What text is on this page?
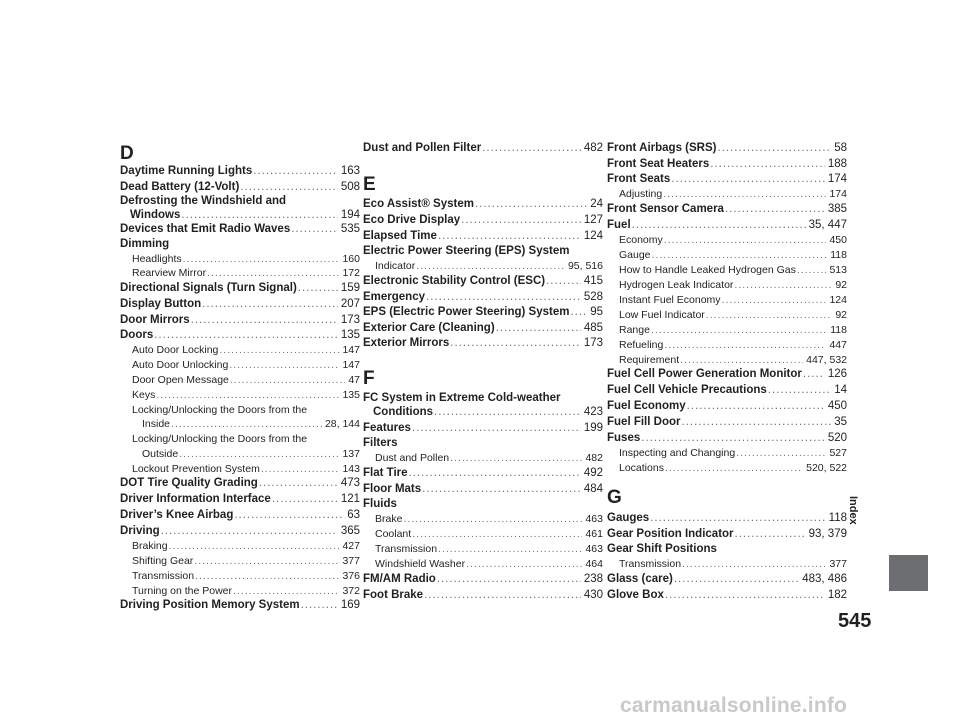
D
Daytime Running Lights .....	163
Dead Battery (12-Volt) .....	508
Defrosting the Windshield and
Windows .....	194
Devices that Emit Radio Waves .....	535
Dimming
Headlights .....	160
Rearview Mirror .....	172
Directional Signals (Turn Signal) .....	159
Display Button .....	207
Door Mirrors .....	173
Doors .....	135
Auto Door Locking .....	147
Auto Door Unlocking .....	147
Door Open Message .....	47
Keys .....	135
Locking/Unlocking the Doors from the
Inside .....	28, 144
Locking/Unlocking the Doors from the
Outside .....	137
Lockout Prevention System .....	143
DOT Tire Quality Grading .....	473
Driver Information Interface .....	121
Driver’s Knee Airbag .....	63
Driving .....	365
Braking .....	427
Shifting Gear .....	377
Transmission .....	376
Turning on the Power .....	372
Driving Position Memory System .....	169
Dust and Pollen Filter .....	482
E
Eco Assist® System .....	24
Eco Drive Display .....	127
Elapsed Time .....	124
Electric Power Steering (EPS) System
Indicator .....	95, 516
Electronic Stability Control (ESC) .....	415
Emergency .....	528
EPS (Electric Power Steering) System ..... 95
Exterior Care (Cleaning) .....	485
Exterior Mirrors .....	173
F
FC System in Extreme Cold-weather
Conditions .....	423
Features .....	199
Filters
Dust and Pollen .....	482
Flat Tire .....	492
Floor Mats .....	484
Fluids
Brake .....	463
Coolant .....	461
Transmission .....	463
Windshield Washer .....	464
FM/AM Radio .....	238
Foot Brake .....	430
Front Airbags (SRS) .....	58
Front Seat Heaters .....	188
Front Seats .....	174
Adjusting .....	174
Front Sensor Camera .....	385
Fuel .....	35, 447
Economy .....	450
Gauge .....	118
How to Handle Leaked Hydrogen Gas .....	513
Hydrogen Leak Indicator .....	92
Instant Fuel Economy .....	124
Low Fuel Indicator .....	92
Range .....	118
Refueling .....	447
Requirement .....	447, 532
Fuel Cell Power Generation Monitor ..... 126
Fuel Cell Vehicle Precautions .....	14
Fuel Economy .....	450
Fuel Fill Door .....	35
Fuses .....	520
Inspecting and Changing .....	527
Locations .....	520, 522
G
Gauges .....	118
Gear Position Indicator .....	93, 379
Gear Shift Positions
Transmission .....	377
Glass (care) .....	483, 486
Glove Box .....	182
Index
545
carmanualsonline.info
